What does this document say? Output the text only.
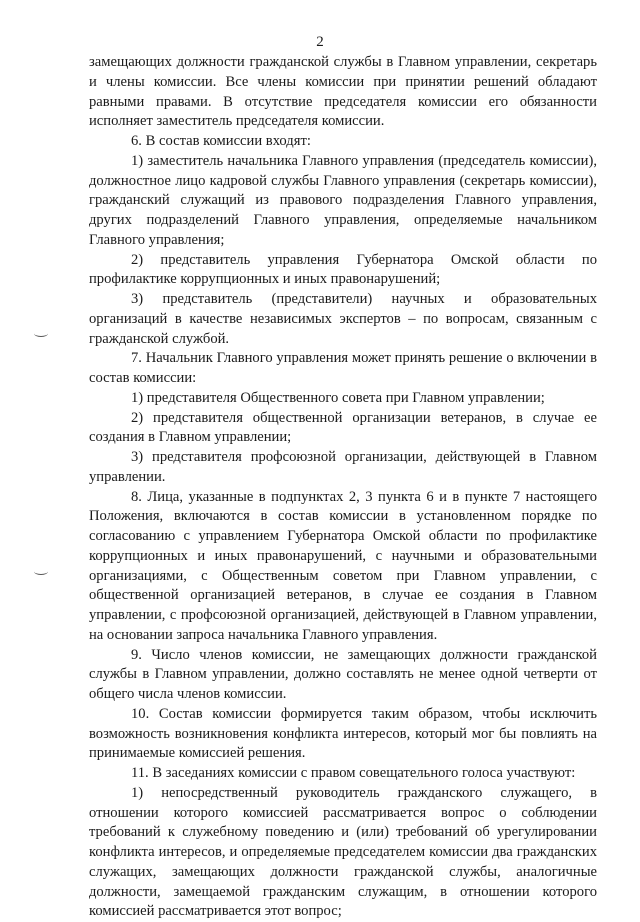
2

замещающих должности гражданской службы в Главном управлении, секретарь и члены комиссии. Все члены комиссии при принятии решений обладают равными правами. В отсутствие председателя комиссии его обязанности исполняет заместитель председателя комиссии.

6. В состав комиссии входят:

1) заместитель начальника Главного управления (председатель комиссии), должностное лицо кадровой службы Главного управления (секретарь комиссии), гражданский служащий из правового подразделения Главного управления, других подразделений Главного управления, определяемые начальником Главного управления;

2) представитель управления Губернатора Омской области по профилактике коррупционных и иных правонарушений;

3) представитель (представители) научных и образовательных организаций в качестве независимых экспертов – по вопросам, связанным с гражданской службой.

7. Начальник Главного управления может принять решение о включении в состав комиссии:

1) представителя Общественного совета при Главном управлении;

2) представителя общественной организации ветеранов, в случае ее создания в Главном управлении;

3) представителя профсоюзной организации, действующей в Главном управлении.

8. Лица, указанные в подпунктах 2, 3 пункта 6 и в пункте 7 настоящего Положения, включаются в состав комиссии в установленном порядке по согласованию с управлением Губернатора Омской области по профилактике коррупционных и иных правонарушений, с научными и образовательными организациями, с Общественным советом при Главном управлении, с общественной организацией ветеранов, в случае ее создания в Главном управлении, с профсоюзной организацией, действующей в Главном управлении, на основании запроса начальника Главного управления.

9. Число членов комиссии, не замещающих должности гражданской службы в Главном управлении, должно составлять не менее одной четверти от общего числа членов комиссии.

10. Состав комиссии формируется таким образом, чтобы исключить возможность возникновения конфликта интересов, который мог бы повлиять на принимаемые комиссией решения.

11. В заседаниях комиссии с правом совещательного голоса участвуют:

1) непосредственный руководитель гражданского служащего, в отношении которого комиссией рассматривается вопрос о соблюдении требований к служебному поведению и (или) требований об урегулировании конфликта интересов, и определяемые председателем комиссии два гражданских служащих, замещающих должности гражданской службы, аналогичные должности, замещаемой гражданским служащим, в отношении которого комиссией рассматривается этот вопрос;
